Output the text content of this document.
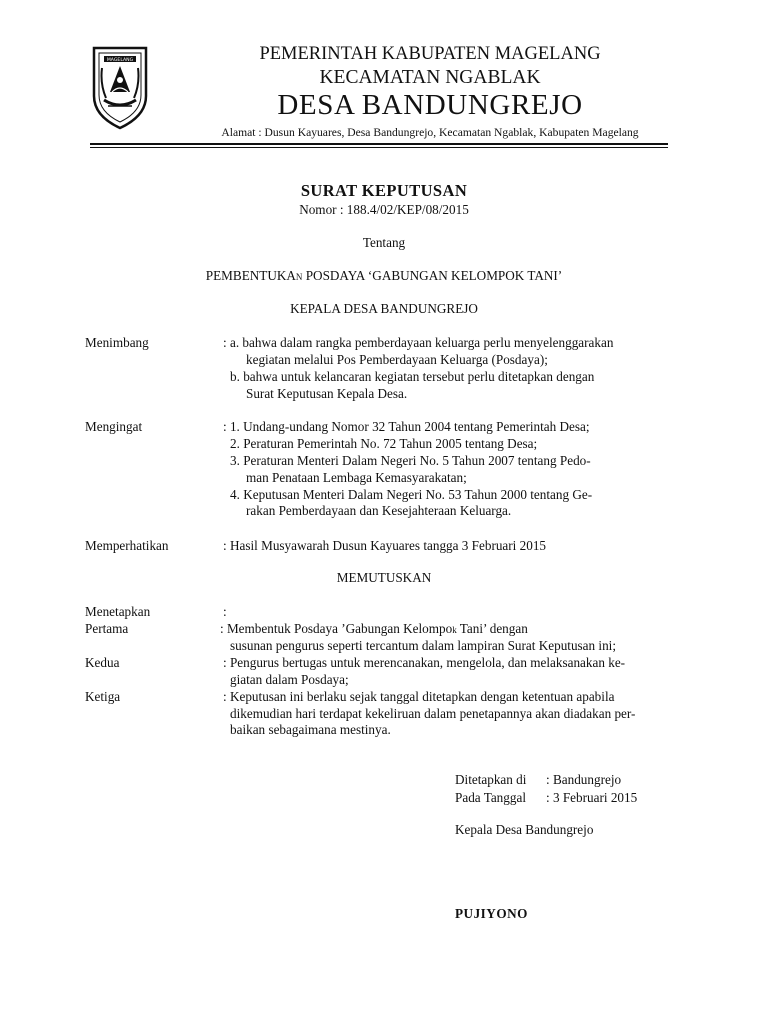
MAGELANG	PEMERINTAH KABUPATEN MAGELANG
KECAMATAN NGABLAK
DESA BANDUNGREJO
Alamat : Dusun Kayuares, Desa Bandungrejo, Kecamatan Ngablak, Kabupaten Magelang
SURAT KEPUTUSAN
Nomor : 188.4/02/KEP/08/2015
Tentang
PEMBENTUKAN POSDAYA ‘GABUNGAN KELOMPOK TANI’
KEPALA DESA BANDUNGREJO
Menimbang	: a. bahwa dalam rangka pemberdayaan keluarga perlu menyelenggarakan
kegiatan melalui Pos Pemberdayaan Keluarga (Posdaya);
b. bahwa untuk kelancaran kegiatan tersebut perlu ditetapkan dengan
Surat Keputusan Kepala Desa.
Mengingat	: 1. Undang-undang Nomor 32 Tahun 2004 tentang Pemerintah Desa;
2. Peraturan Pemerintah No. 72 Tahun 2005 tentang Desa;
3. Peraturan Menteri Dalam Negeri No. 5 Tahun 2007 tentang Pedo-
man Penataan Lembaga Kemasyarakatan;
4. Keputusan Menteri Dalam Negeri No. 53 Tahun 2000 tentang Ge-
rakan Pemberdayaan dan Kesejahteraan Keluarga.
Memperhatikan	: Hasil Musyawarah Dusun Kayuares tangga 3 Februari 2015
MEMUTUSKAN
Menetapkan	:
Pertama	: Membentuk Posdaya ’Gabungan Kelompok Tani’ dengan
susunan pengurus seperti tercantum dalam lampiran Surat Keputusan ini;
Kedua	: Pengurus bertugas untuk merencanakan, mengelola, dan melaksanakan ke-
giatan dalam Posdaya;
Ketiga	: Keputusan ini berlaku sejak tanggal ditetapkan dengan ketentuan apabila
dikemudian hari terdapat kekeliruan dalam penetapannya akan diadakan per-
baikan sebagaimana mestinya.
Ditetapkan di : Bandungrejo
Pada Tanggal : 3 Februari 2015
Kepala Desa Bandungrejo
PUJIYONO
